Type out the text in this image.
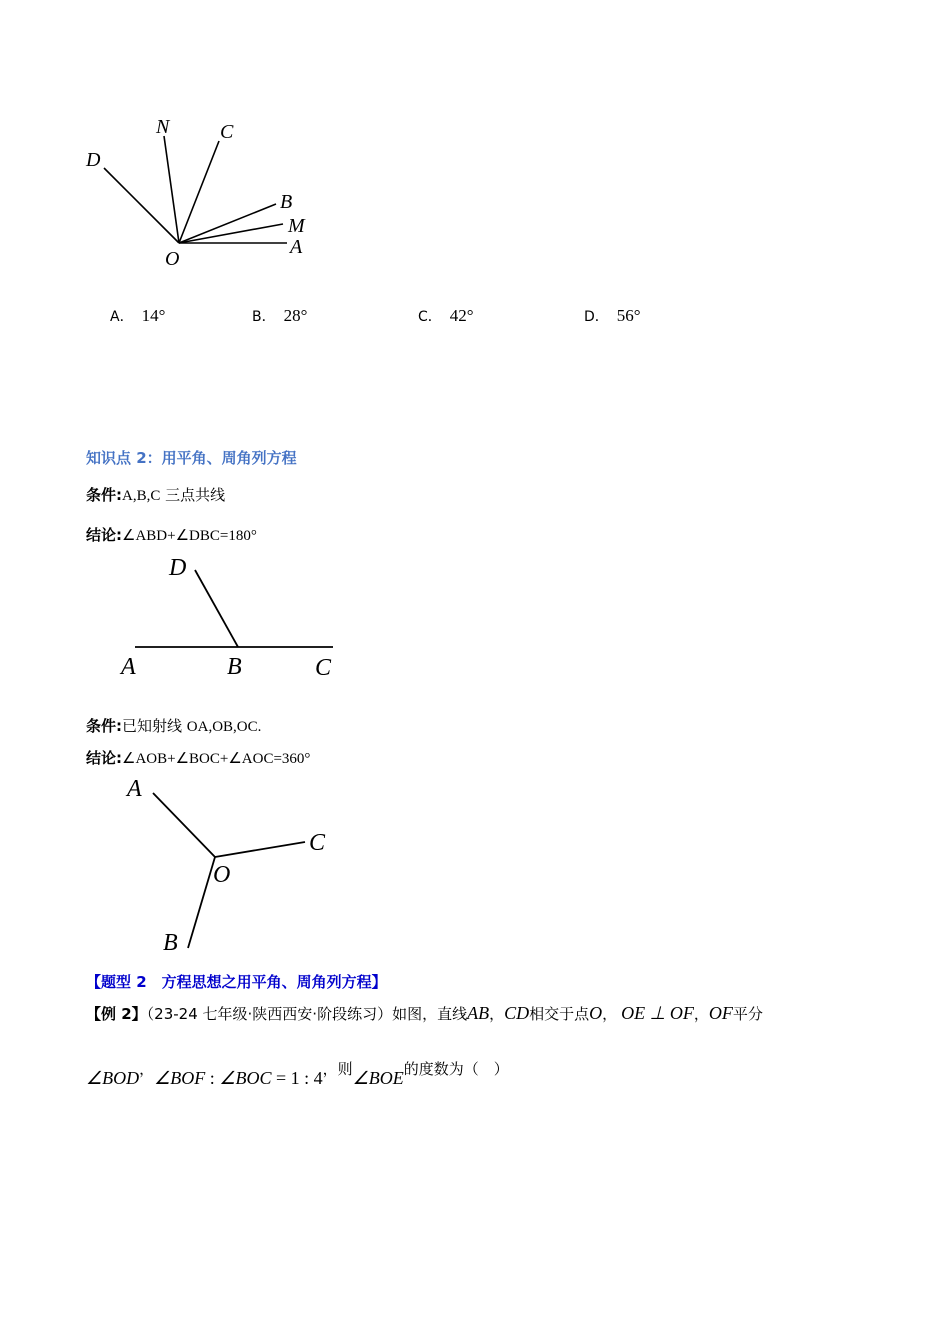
D
N	C
B
M
A
O
A． 14°	B． 28°	C． 42°	D． 56°
知识点 2：用平角、周角列方程
条件:A,B,C 三点共线
结论:∠ABD+∠DBC=180°
D
A	B	C
条件:已知射线 OA,OB,OC.
结论:∠AOB+∠BOC+∠AOC=360°
A
C
O
B
【题型 2　方程思想之用平角、周角列方程】
【例 2】（23-24 七年级·陕西西安·阶段练习）如图，直线AB，CD相交于点O， OE ⊥ OF，OF平分
∠BOD，∠BOF : ∠BOC = 1 : 4，则∠BOE的度数为（　）
